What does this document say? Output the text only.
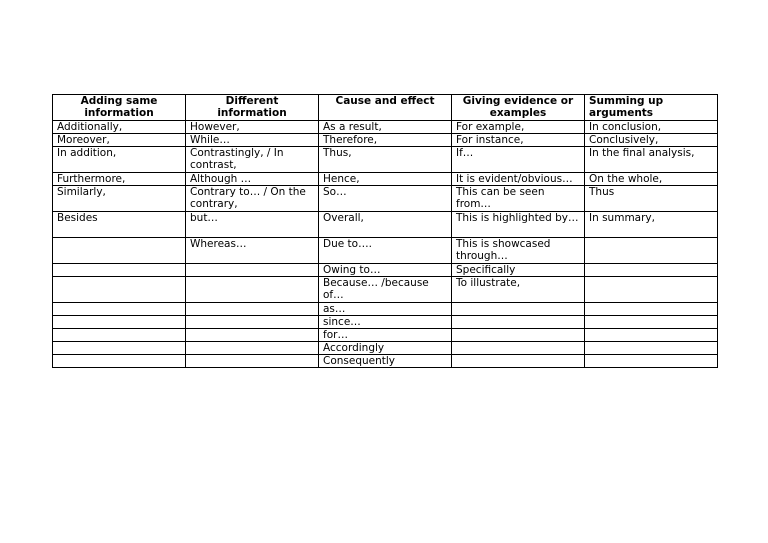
Adding same information	Different information	Cause and effect	Giving evidence or examples	Summing up arguments
Additionally,	However,	As a result,	For example,	In conclusion,
Moreover,	While…	Therefore,	For instance,	Conclusively,
In addition,	Contrastingly, / In contrast,	Thus,	If…	In the final analysis,
Furthermore,	Although …	Hence,	It is evident/obvious…	On the whole,
Similarly,	Contrary to… / On the contrary,	So…	This can be seen from…	Thus
Besides	but…	Overall,	This is highlighted by…	In summary,
	Whereas…	Due to….	This is showcased through…	
		Owing to…	Specifically	
		Because… /because of…	To illustrate,	
		as…		
		since…		
		for…		
		Accordingly		
		Consequently		
